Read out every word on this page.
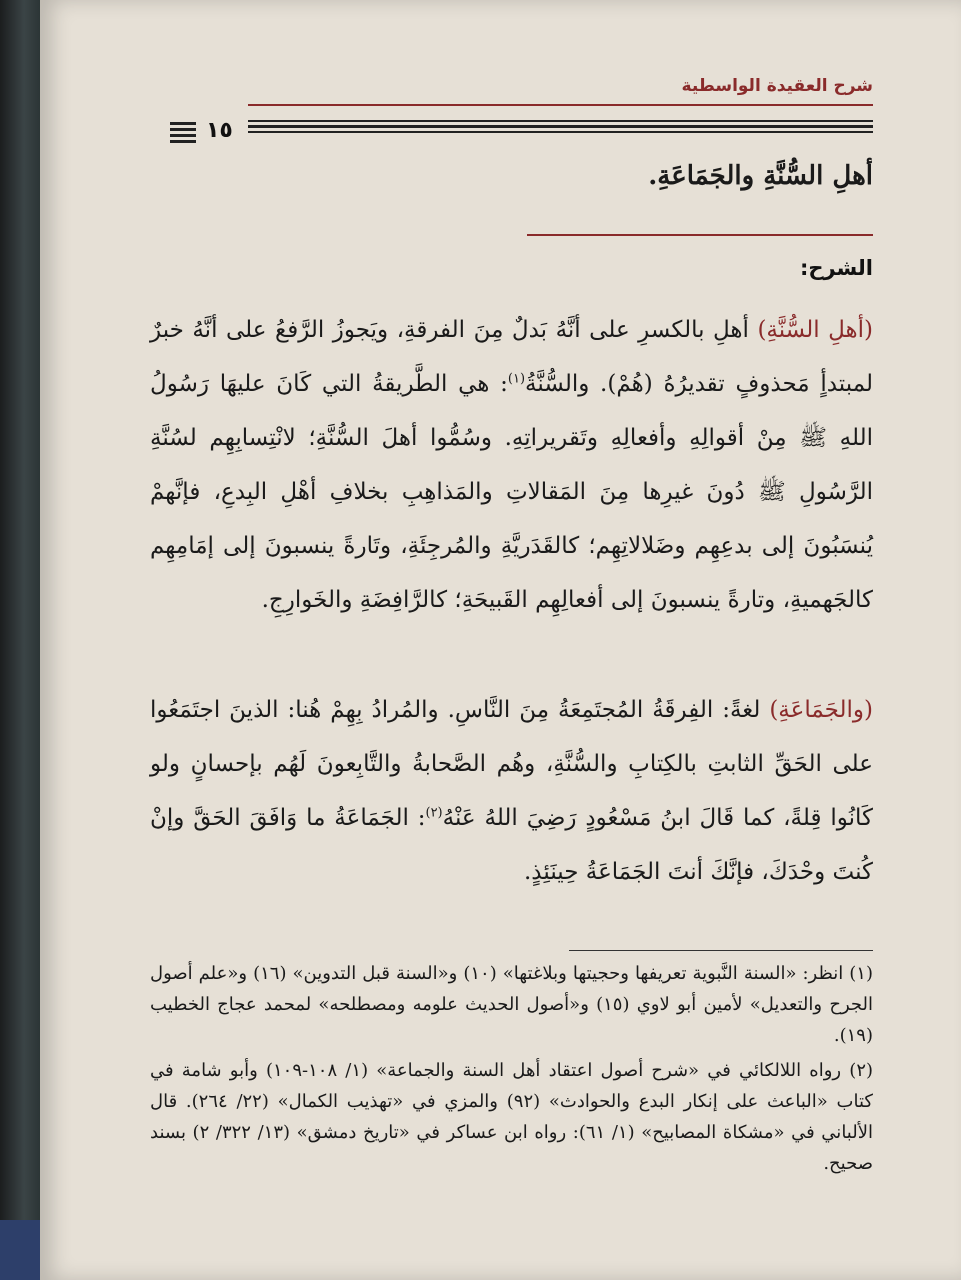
شرح العقيدة الواسطية
١٥
أهلِ السُّنَّةِ والجَمَاعَةِ.
الشرح:
(أهلِ السُّنَّةِ) أهلِ بالكسرِ على أنَّهُ بَدلٌ مِنَ الفرقةِ، ويَجوزُ الرَّفعُ على أنَّهُ خبرٌ لمبتدأٍ مَحذوفٍ تقديرُهُ (هُمْ). والسُّنَّةُ$^{(١)}$: هي الطَّريقةُ التي كَانَ عليهَا رَسُولُ اللهِ ﷺ مِنْ أقوالِهِ وأفعالِهِ وتَقريراتِهِ. وسُمُّوا أهلَ السُّنَّةِ؛ لانْتِسابِهِم لسُنَّةِ الرَّسُولِ ﷺ دُونَ غيرِها مِنَ المَقالاتِ والمَذاهِبِ بخلافِ أهْلِ البِدعِ، فإنَّهمْ يُنسَبُونَ إلى بدعِهِم وضَلالاتِهِم؛ كالقَدَريَّةِ والمُرجِئَةِ، وتَارةً ينسبونَ إلى إمَامِهِم كالجَهميةِ، وتارةً ينسبونَ إلى أفعالِهِم القَبيحَةِ؛ كالرَّافِضَةِ والخَوارِجِ.
(والجَمَاعَةِ) لغةً: الفِرقَةُ المُجتَمِعَةُ مِنَ النَّاسِ. والمُرادُ بِهِمْ هُنا: الذينَ اجتَمَعُوا على الحَقِّ الثابتِ بالكِتابِ والسُّنَّةِ، وهُم الصَّحابةُ والتَّابِعونَ لَهُم بإحسانٍ ولو كَانُوا قِلةً، كما قَالَ ابنُ مَسْعُودٍ رَضِيَ اللهُ عَنْهُ$^{(٢)}$: الجَمَاعَةُ ما وَافَقَ الحَقَّ وإنْ كُنتَ وحْدَكَ، فإنَّكَ أنتَ الجَمَاعَةُ حِينَئِذٍ.

(١) انظر: «السنة النَّبوية تعريفها وحجيتها وبلاغتها» (١٠) و«السنة قبل التدوين» (١٦) و«علم أصول الجرح والتعديل» لأمين أبو لاوي (١٥) و«أصول الحديث علومه ومصطلحه» لمحمد عجاج الخطيب (١٩).

(٢) رواه اللالكائي في «شرح أصول اعتقاد أهل السنة والجماعة» (١/ ١٠٨-١٠٩) وأبو شامة في كتاب «الباعث على إنكار البدع والحوادث» (٩٢) والمزي في «تهذيب الكمال» (٢٢/ ٢٦٤). قال الألباني في «مشكاة المصابيح» (١/ ٦١): رواه ابن عساكر في «تاريخ دمشق» (١٣/ ٣٢٢/ ٢) بسند صحيح.
